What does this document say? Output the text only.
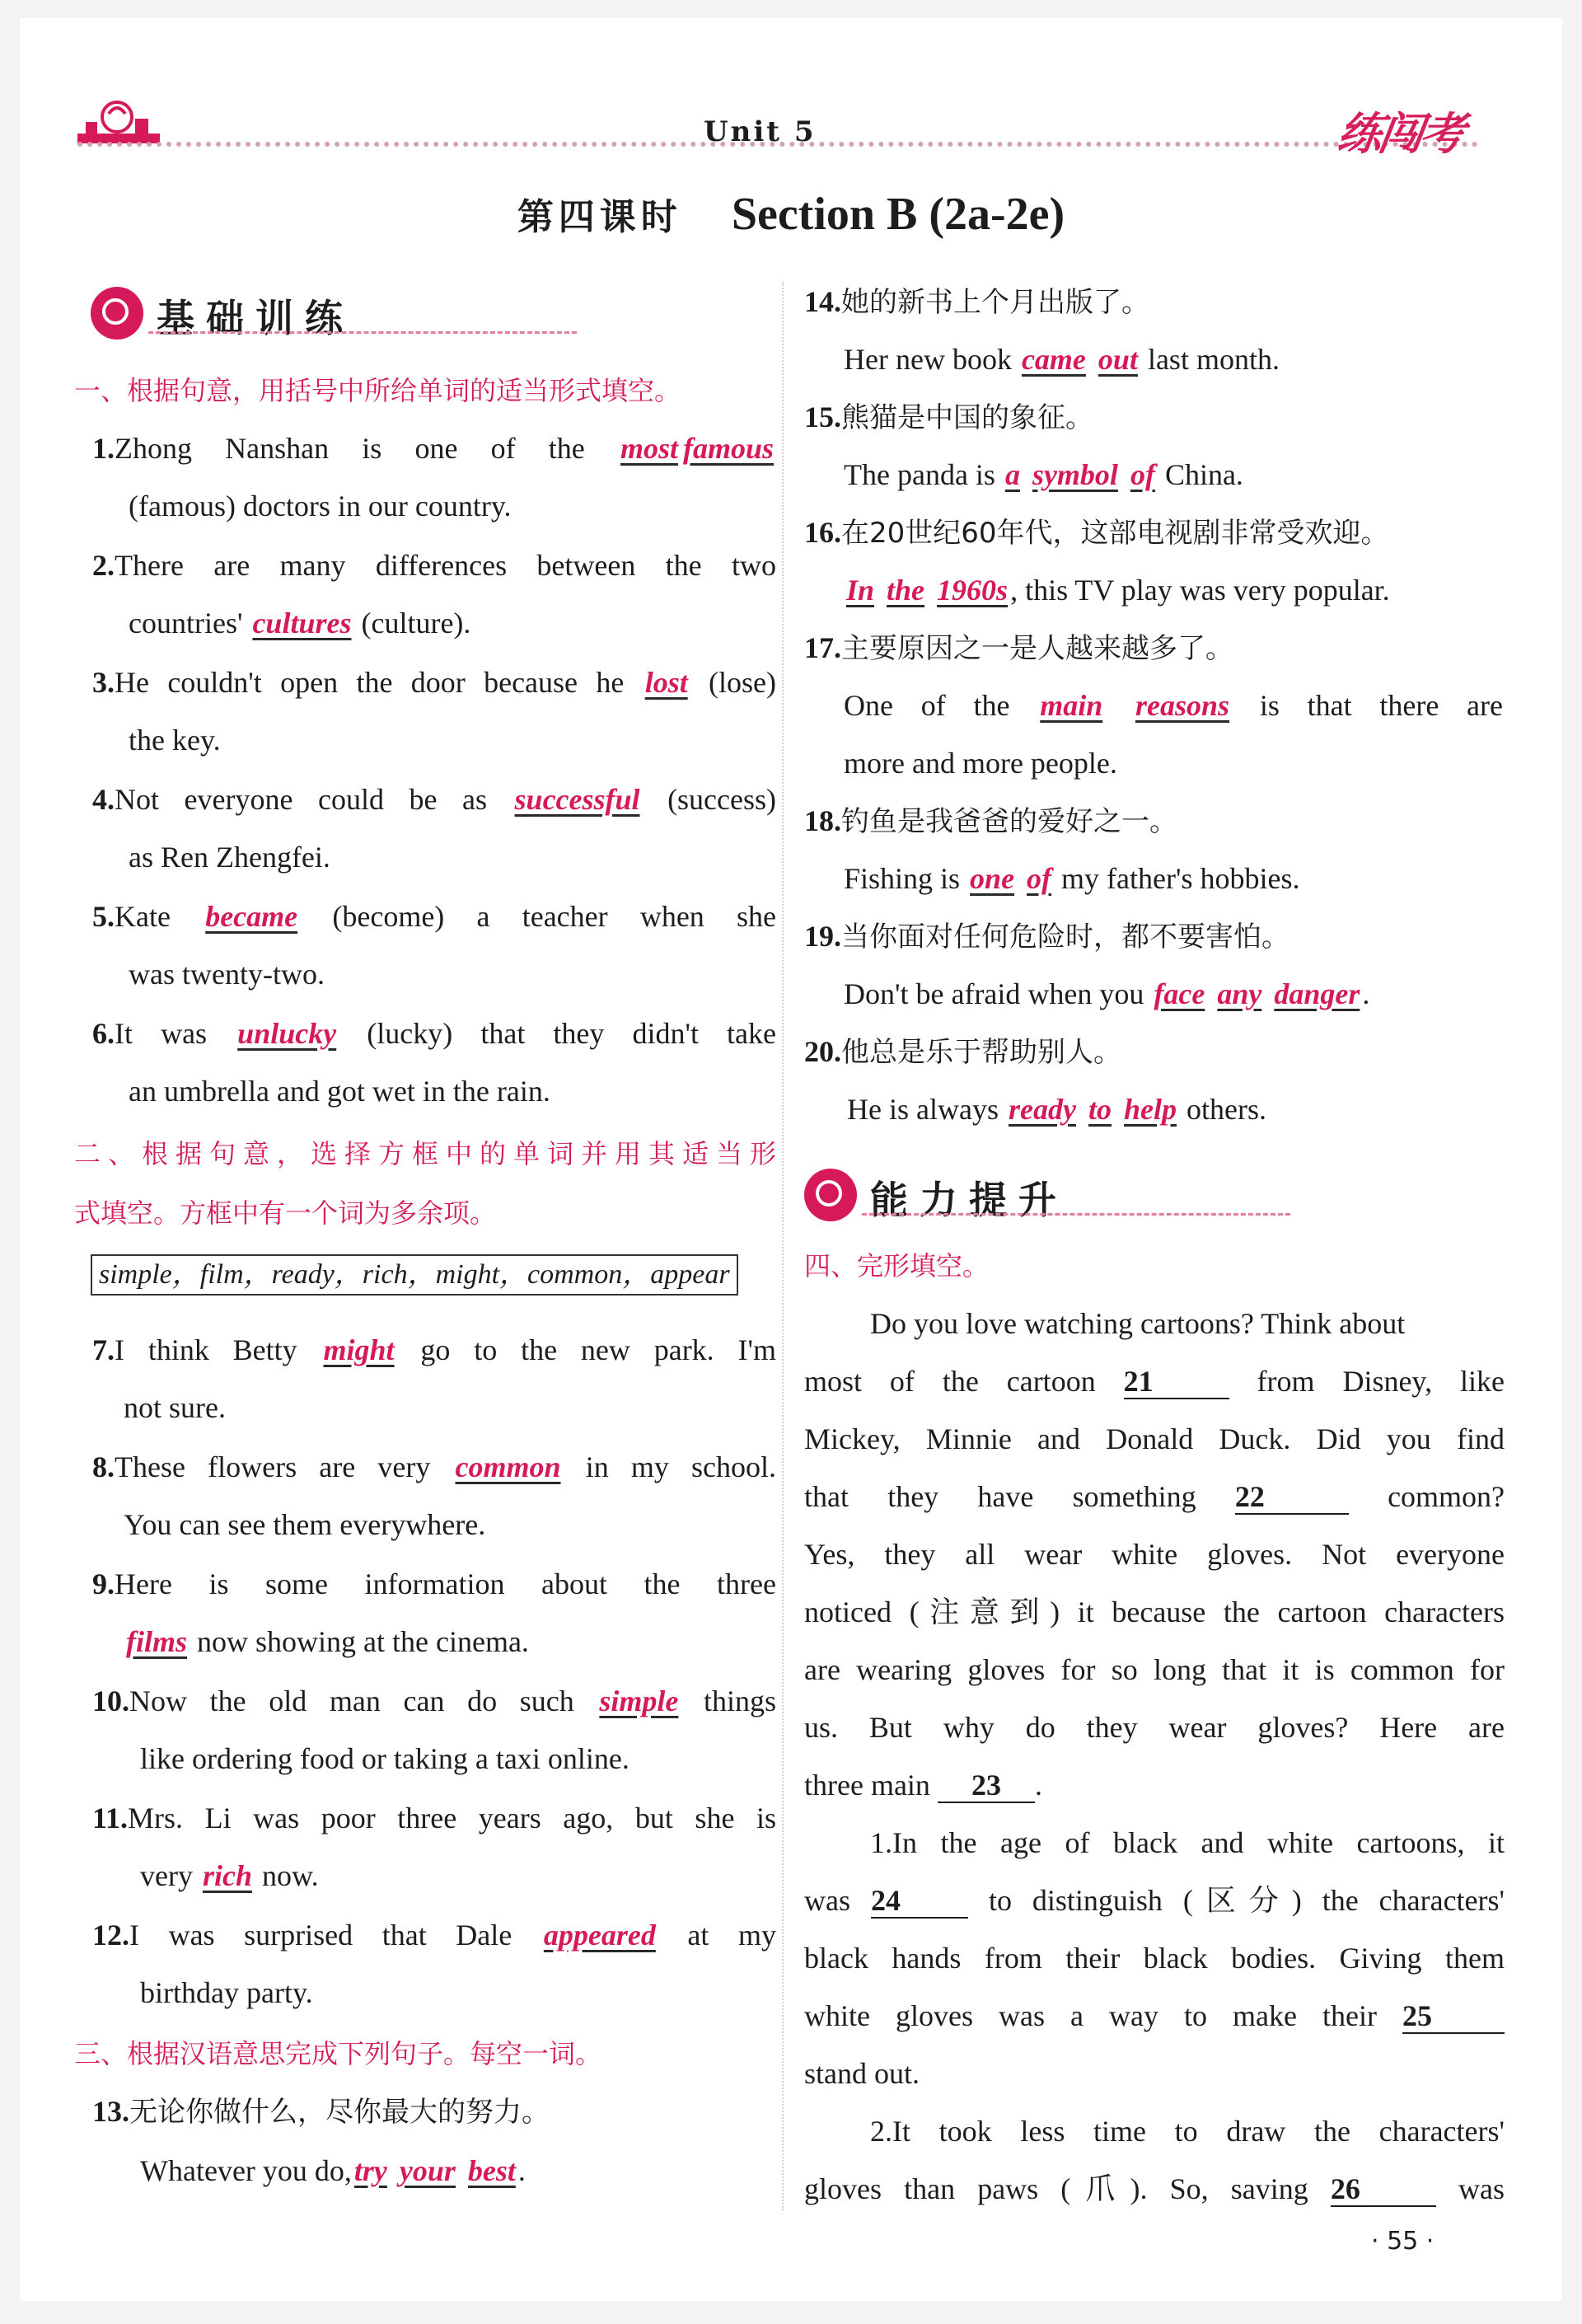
Unit 5	练闯考
第四课时 Section B (2a-2e)
基础训练
一、根据句意，用括号中所给单词的适当形式填空。
1.Zhong Nanshan is one of the most famous
(famous) doctors in our country.
2.There are many differences between the two
countries' cultures (culture).
3.He couldn't open the door because he lost (lose)
the key.
4.Not everyone could be as successful (success)
as Ren Zhengfei.
5.Kate became (become) a teacher when she
was twenty-two.
6.It was unlucky (lucky) that they didn't take
an umbrella and got wet in the rain.
二、根据句意，选择方框中的单词并用其适当形
式填空。方框中有一个词为多余项。
simple，film，ready，rich，might，common，appear
7.I think Betty might go to the new park. I'm
not sure.
8.These flowers are very common in my school.
You can see them everywhere.
9.Here is some information about the three
films now showing at the cinema.
10.Now the old man can do such simple things
like ordering food or taking a taxi online.
11.Mrs. Li was poor three years ago, but she is
very rich now.
12.I was surprised that Dale appeared at my
birthday party.
三、根据汉语意思完成下列句子。每空一词。
13.无论你做什么，尽你最大的努力。
Whatever you do,try your best.
14.她的新书上个月出版了。
Her new book came out last month.
15.熊猫是中国的象征。
The panda is a symbol of China.
16.在20世纪60年代，这部电视剧非常受欢迎。
In the 1960s, this TV play was very popular.
17.主要原因之一是人越来越多了。
One of the main reasons is that there are
more and more people.
18.钓鱼是我爸爸的爱好之一。
Fishing is one of my father's hobbies.
19.当你面对任何危险时，都不要害怕。
Don't be afraid when you face any danger.
20.他总是乐于帮助别人。
He is always ready to help others.
能力提升
四、完形填空。
Do you love watching cartoons? Think about
most of the cartoon 21	from Disney, like
Mickey, Minnie and Donald Duck. Did you find
that they have something 22	common?
Yes, they all wear white gloves. Not everyone
noticed (注意到) it because the cartoon characters
are wearing gloves for so long that it is common for
us. But why do they wear gloves? Here are
three main 23 .
1.In the age of black and white cartoons, it
was 24	to distinguish (区分) the characters'
black hands from their black bodies. Giving them
white gloves was a way to make their 25
stand out.
2.It took less time to draw the characters'
gloves than paws (爪). So, saving 26	was
· 55 ·
